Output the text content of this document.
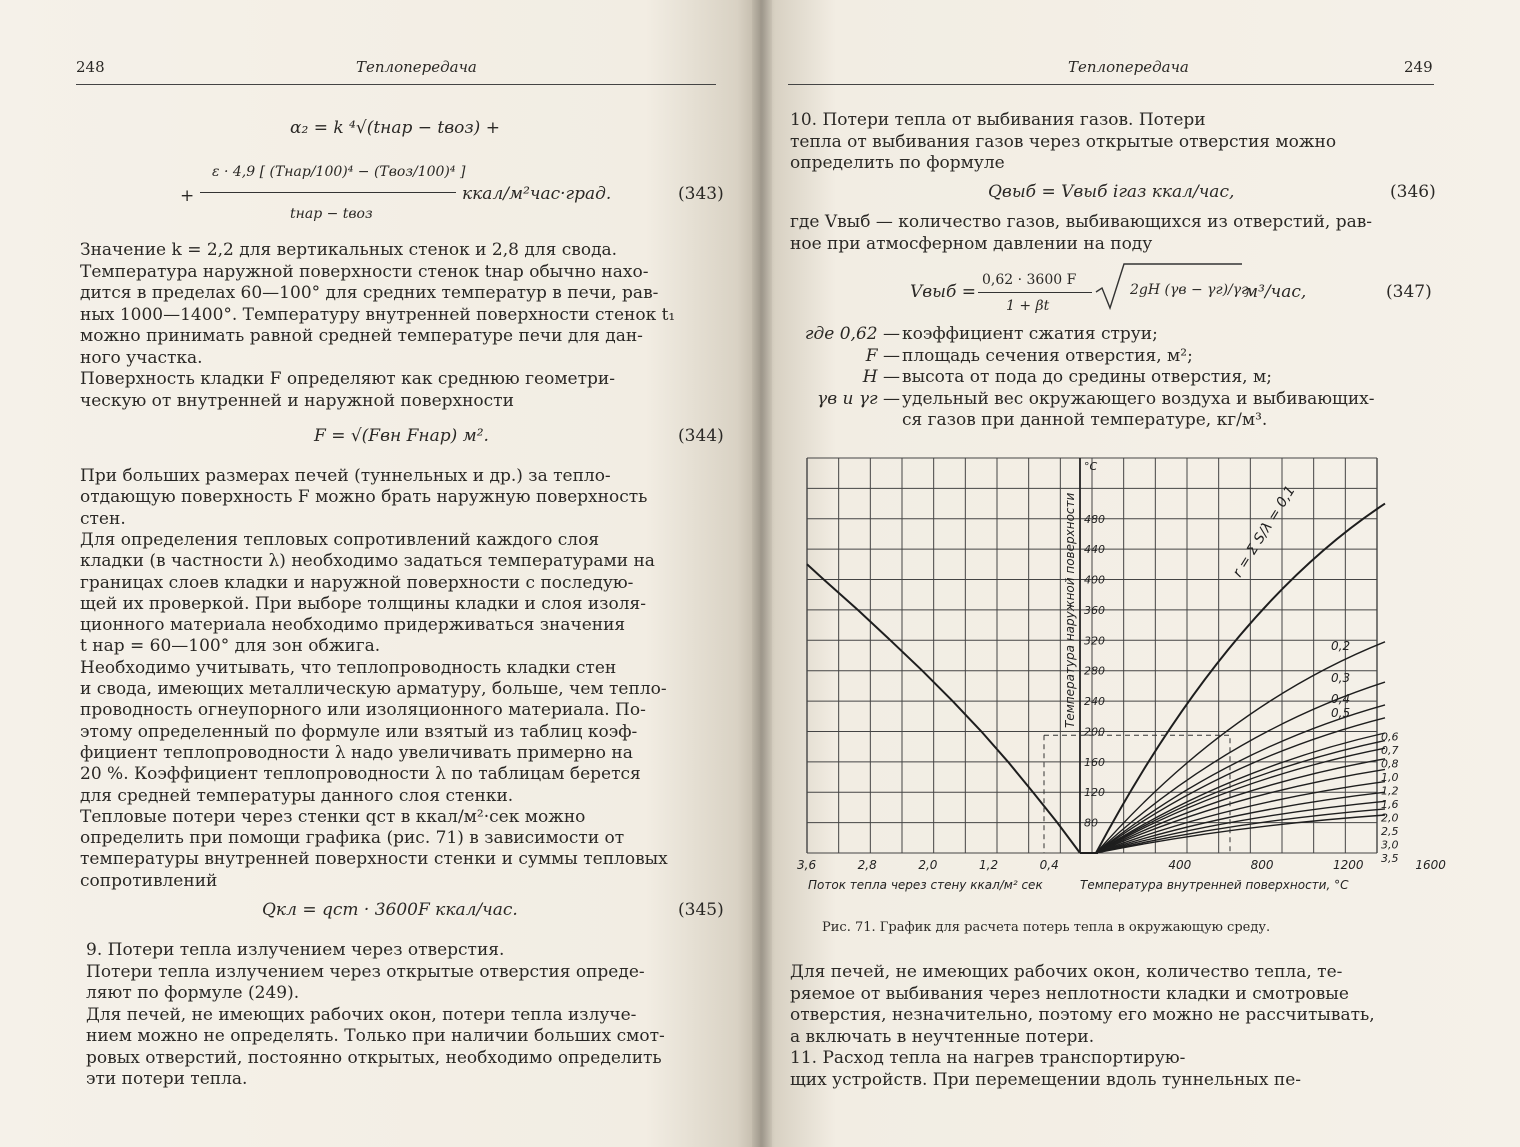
248	Теплопередача
α₂ = k ⁴√(tнар − tвоз) +
ε · 4,9 [ (Tнар/100)⁴ − (Tвоз/100)⁴ ]
+
tнар − tвоз
ккал/м²час·град.	(343)
Значение k = 2,2 для вертикальных стенок и 2,8 для свода.
Температура наружной поверхности стенок tнар обычно нахо-
дится в пределах 60—100° для средних температур в печи, рав-
ных 1000—1400°. Температуру внутренней поверхности стенок t₁
можно принимать равной средней температуре печи для дан-
ного участка.
Поверхность кладки F определяют как среднюю геометри-
ческую от внутренней и наружной поверхности
F = √(Fвн Fнар) м².	(344)
При больших размерах печей (туннельных и др.) за тепло-
отдающую поверхность F можно брать наружную поверхность
стен.
Для определения тепловых сопротивлений каждого слоя
кладки (в частности λ) необходимо задаться температурами на
границах слоев кладки и наружной поверхности с последую-
щей их проверкой. При выборе толщины кладки и слоя изоля-
ционного материала необходимо придерживаться значения
t нар = 60—100° для зон обжига.
Необходимо учитывать, что теплопроводность кладки стен
и свода, имеющих металлическую арматуру, больше, чем тепло-
проводность огнеупорного или изоляционного материала. По-
этому определенный по формуле или взятый из таблиц коэф-
фициент теплопроводности λ надо увеличивать примерно на
20 %. Коэффициент теплопроводности λ по таблицам берется
для средней температуры данного слоя стенки.
Тепловые потери через стенки qст в ккал/м²·сек можно
определить при помощи графика (рис. 71) в зависимости от
температуры внутренней поверхности стенки и суммы тепловых
сопротивлений
Qкл = qст · 3600F ккал/час.	(345)
9. Потери тепла излучением через отверстия.
Потери тепла излучением через открытые отверстия опреде-
ляют по формуле (249).
Для печей, не имеющих рабочих окон, потери тепла излуче-
нием можно не определять. Только при наличии больших смот-
ровых отверстий, постоянно открытых, необходимо определить
эти потери тепла.
Теплопередача	249
10. Потери тепла от выбивания газов. Потери
тепла от выбивания газов через открытые отверстия можно
определить по формуле
Qвыб = Vвыб iгаз ккал/час,	(346)
где Vвыб — количество газов, выбивающихся из отверстий, рав-
ное при атмосферном давлении на поду
Vвыб =
0,62 · 3600 F
1 + βt
2gH (γв − γг)/γг
м³/час,	(347)
где 0,62 — коэффициент сжатия струи;
F — площадь сечения отверстия, м²;
H — высота от пода до средины отверстия, м;
γв и γг — удельный вес окружающего воздуха и выбивающих-
ся газов при данной температуре, кг/м³.
480
440
400
360
320
280
240
200
160
120
80
°C
Температура наружной поверхности	r = Σ S/λ = 0,1
0,2
0,3
0,4
0,5
0,6
0,7
0,8
1,0
1,2
1,6
2,0
2,5
3,0
3,5
3,6	2,8	2,0	1,2	0,4	400	800	1200	1600
Поток тепла через стену ккал/м² сек	Температура внутренней поверхности, °С
Рис. 71. График для расчета потерь тепла в окружающую среду.
Для печей, не имеющих рабочих окон, количество тепла, те-
ряемое от выбивания через неплотности кладки и смотровые
отверстия, незначительно, поэтому его можно не рассчитывать,
а включать в неучтенные потери.
11. Расход тепла на нагрев транспортирую-
щих устройств. При перемещении вдоль туннельных пе-
